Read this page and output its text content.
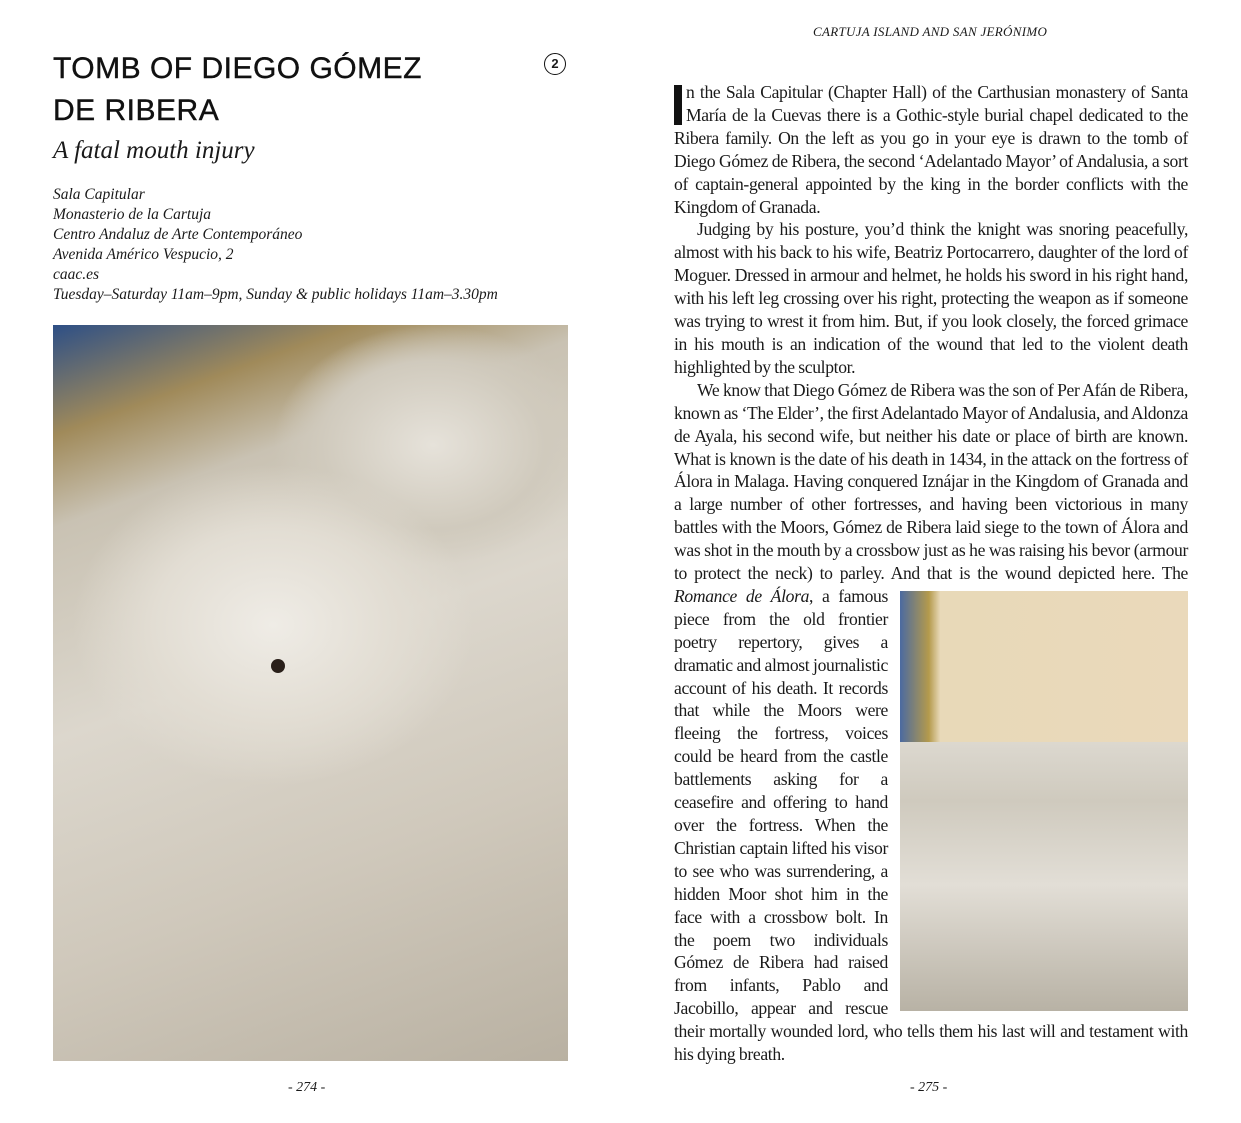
TOMB OF DIEGO GÓMEZ
DE RIBERA
2
A fatal mouth injury
Sala Capitular
Monasterio de la Cartuja
Centro Andaluz de Arte Contemporáneo
Avenida Américo Vespucio, 2
caac.es
Tuesday–Saturday 11am–9pm, Sunday & public holidays 11am–3.30pm
- 274 -
CARTUJA ISLAND AND SAN JERÓNIMO

n the Sala Capitular (Chapter Hall) of the Carthusian monastery of Santa María de la Cuevas there is a Gothic-style burial chapel dedicated to the Ribera family. On the left as you go in your eye is drawn to the tomb of Diego Gómez de Ribera, the second ‘Adelantado Mayor’ of Andalusia, a sort of captain-general appointed by the king in the border conflicts with the Kingdom of Granada.

Judging by his posture, you’d think the knight was snoring peacefully, almost with his back to his wife, Beatriz Portocarrero, daughter of the lord of Moguer. Dressed in armour and helmet, he holds his sword in his right hand, with his left leg crossing over his right, protecting the weapon as if someone was trying to wrest it from him. But, if you look closely, the forced grimace in his mouth is an indication of the wound that led to the violent death highlighted by the sculptor.

We know that Diego Gómez de Ribera was the son of Per Afán de Ribera, known as ‘The Elder’, the first Adelantado Mayor of Andalusia, and Aldonza de Ayala, his second wife, but neither his date or place of birth are known. What is known is the date of his death in 1434, in the attack on the fortress of Álora in Malaga. Having conquered Iznájar in the Kingdom of Granada and a large number of other fortresses, and having been victorious in many battles with the Moors, Gómez de Ribera laid siege to the town of Álora and was shot in the mouth by a crossbow just as he was raising his bevor (armour to protect the neck) to parley. And that is the wound depicted here. The Romance de Álora
, a famous piece from the old frontier poetry repertory, gives a dramatic and almost journalistic account of his death. It records that while the Moors were fleeing the fortress, voices could be heard from the castle battlements asking for a ceasefire and offering to hand over the fortress. When the Christian captain lifted his visor to see who was surrendering, a hidden Moor shot him in the face with a crossbow bolt. In the poem two individuals Gómez de Ribera had raised from infants, Pablo and Jacobillo, appear and rescue their mortally wounded lord, who tells them his last will and testament with his dying breath.

- 275 -
